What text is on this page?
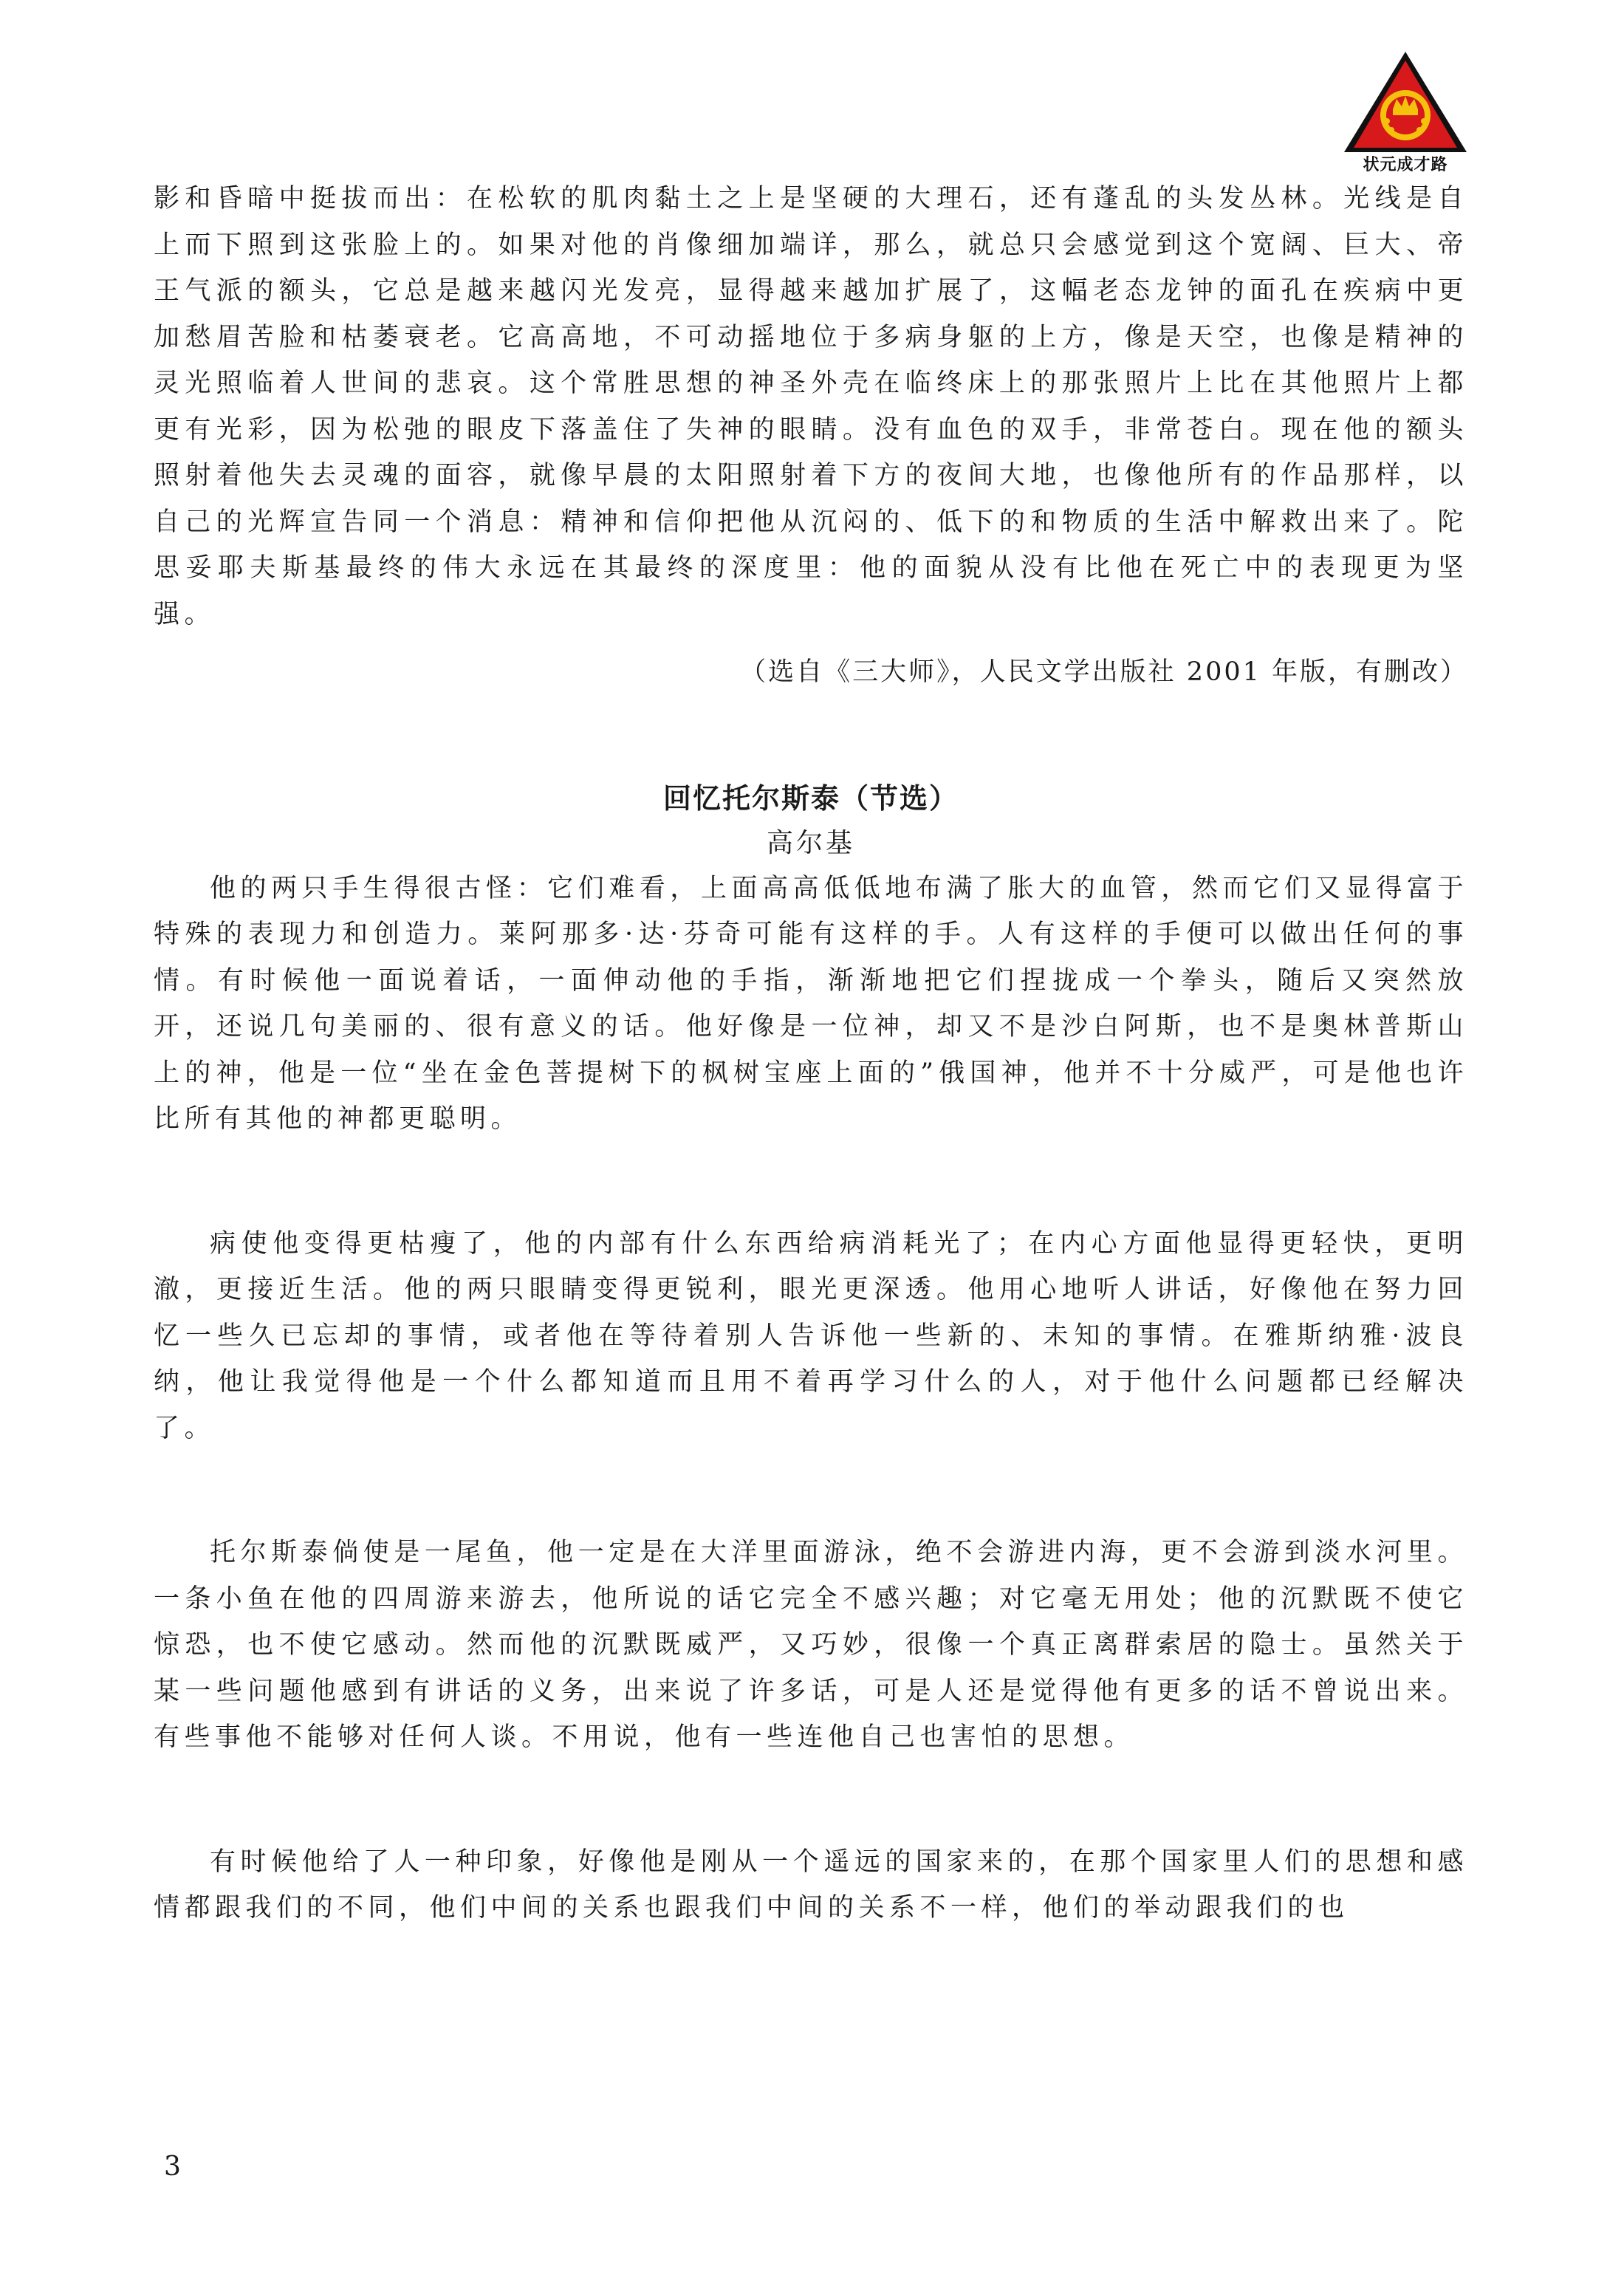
状元成才路

影和昏暗中挺拔而出：在松软的肌肉黏土之上是坚硬的大理石，还有蓬乱的头发丛林。光线是自上而下照到这张脸上的。如果对他的肖像细加端详，那么，就总只会感觉到这个宽阔、巨大、帝王气派的额头，它总是越来越闪光发亮，显得越来越加扩展了，这幅老态龙钟的面孔在疾病中更加愁眉苦脸和枯萎衰老。它高高地，不可动摇地位于多病身躯的上方，像是天空，也像是精神的灵光照临着人世间的悲哀。这个常胜思想的神圣外壳在临终床上的那张照片上比在其他照片上都更有光彩，因为松弛的眼皮下落盖住了失神的眼睛。没有血色的双手，非常苍白。现在他的额头照射着他失去灵魂的面容，就像早晨的太阳照射着下方的夜间大地，也像他所有的作品那样，以自己的光辉宣告同一个消息：精神和信仰把他从沉闷的、低下的和物质的生活中解救出来了。陀思妥耶夫斯基最终的伟大永远在其最终的深度里：他的面貌从没有比他在死亡中的表现更为坚强。

（选自《三大师》，人民文学出版社 2001 年版，有删改）

回忆托尔斯泰（节选）
高尔基

他的两只手生得很古怪：它们难看，上面高高低低地布满了胀大的血管，然而它们又显得富于特殊的表现力和创造力。莱阿那多·达·芬奇可能有这样的手。人有这样的手便可以做出任何的事情。有时候他一面说着话，一面伸动他的手指，渐渐地把它们捏拢成一个拳头，随后又突然放开，还说几句美丽的、很有意义的话。他好像是一位神，却又不是沙白阿斯，也不是奥林普斯山上的神，他是一位“坐在金色菩提树下的枫树宝座上面的”俄国神，他并不十分威严，可是他也许比所有其他的神都更聪明。

病使他变得更枯瘦了，他的内部有什么东西给病消耗光了；在内心方面他显得更轻快，更明澈，更接近生活。他的两只眼睛变得更锐利，眼光更深透。他用心地听人讲话，好像他在努力回忆一些久已忘却的事情，或者他在等待着别人告诉他一些新的、未知的事情。在雅斯纳雅·波良纳，他让我觉得他是一个什么都知道而且用不着再学习什么的人，对于他什么问题都已经解决了。

托尔斯泰倘使是一尾鱼，他一定是在大洋里面游泳，绝不会游进内海，更不会游到淡水河里。一条小鱼在他的四周游来游去，他所说的话它完全不感兴趣；对它毫无用处；他的沉默既不使它惊恐，也不使它感动。然而他的沉默既威严，又巧妙，很像一个真正离群索居的隐士。虽然关于某一些问题他感到有讲话的义务，出来说了许多话，可是人还是觉得他有更多的话不曾说出来。有些事他不能够对任何人谈。不用说，他有一些连他自己也害怕的思想。

有时候他给了人一种印象，好像他是刚从一个遥远的国家来的，在那个国家里人们的思想和感情都跟我们的不同，他们中间的关系也跟我们中间的关系不一样，他们的举动跟我们的也

3
